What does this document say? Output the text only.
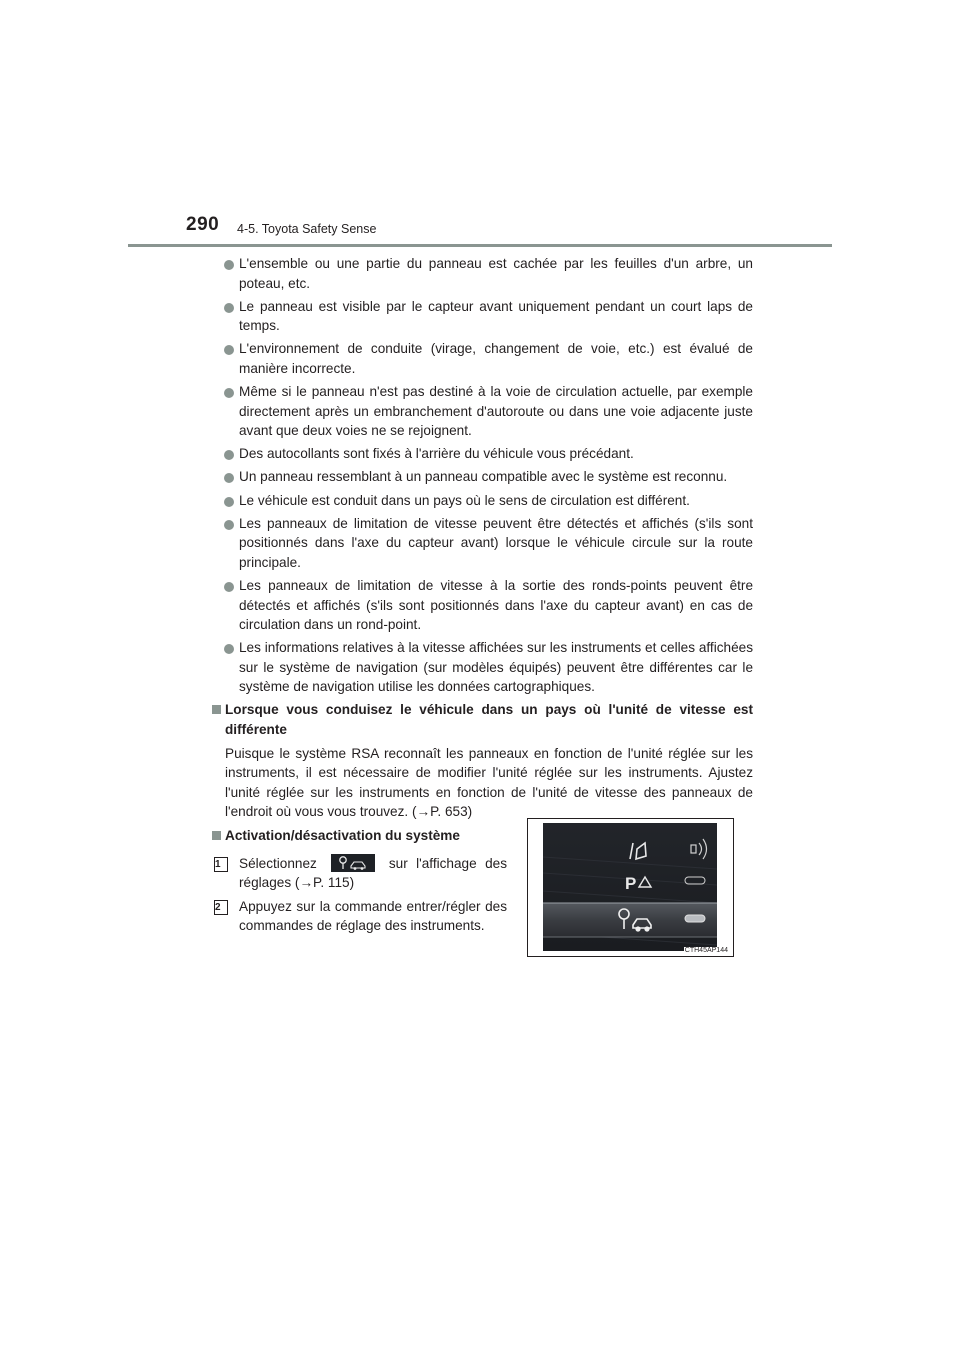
290 4-5. Toyota Safety Sense
L'ensemble ou une partie du panneau est cachée par les feuilles d'un arbre, un poteau, etc.
Le panneau est visible par le capteur avant uniquement pendant un court laps de temps.
L'environnement de conduite (virage, changement de voie, etc.) est évalué de manière incorrecte.
Même si le panneau n'est pas destiné à la voie de circulation actuelle, par exemple directement après un embranchement d'autoroute ou dans une voie adjacente juste avant que deux voies ne se rejoignent.
Des autocollants sont fixés à l'arrière du véhicule vous précédant.
Un panneau ressemblant à un panneau compatible avec le système est reconnu.
Le véhicule est conduit dans un pays où le sens de circulation est différent.
Les panneaux de limitation de vitesse peuvent être détectés et affichés (s'ils sont positionnés dans l'axe du capteur avant) lorsque le véhicule circule sur la route principale.
Les panneaux de limitation de vitesse à la sortie des ronds-points peuvent être détectés et affichés (s'ils sont positionnés dans l'axe du capteur avant) en cas de circulation dans un rond-point.
Les informations relatives à la vitesse affichées sur les instruments et celles affichées sur le système de navigation (sur modèles équipés) peuvent être différentes car le système de navigation utilise les données cartographiques.
Lorsque vous conduisez le véhicule dans un pays où l'unité de vitesse est différente
Puisque le système RSA reconnaît les panneaux en fonction de l'unité réglée sur les instruments, il est nécessaire de modifier l'unité réglée sur les instruments. Ajustez l'unité réglée sur les instruments en fonction de l'unité de vitesse des panneaux de l'endroit où vous vous trouvez. (→P. 653)
Activation/désactivation du système
1	Sélectionnez	sur l'affichage des réglages (→P. 115)
2	Appuyez sur la commande entrer/régler des commandes de réglage des instruments.
P
CTH45AP144
